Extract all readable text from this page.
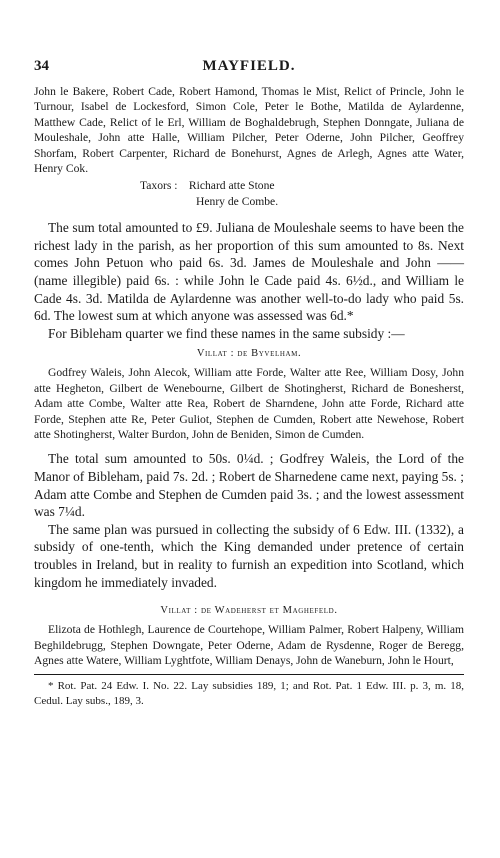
34	MAYFIELD.

John le Bakere, Robert Cade, Robert Hamond, Thomas le Mist, Relict of Princle, John le Turnour, Isabel de Lockesford, Simon Cole, Peter le Bothe, Matilda de Aylardenne, Matthew Cade, Relict of le Erl, William de Boghaldebrugh, Stephen Donngate, Juliana de Mouleshale, John atte Halle, William Pilcher, Peter Oderne, John Pilcher, Geoffrey Shorfam, Robert Carpenter, Richard de Bonehurst, Agnes de Arlegh, Agnes atte Water, Henry Cok.

Taxors : Richard atte Stone
Henry de Combe.

The sum total amounted to £9. Juliana de Mouleshale seems to have been the richest lady in the parish, as her proportion of this sum amounted to 8s. Next comes John Petuon who paid 6s. 3d. James de Mouleshale and John —— (name illegible) paid 6s. : while John le Cade paid 4s. 6½d., and William le Cade 4s. 3d. Matilda de Aylardenne was another well-to-do lady who paid 5s. 6d. The lowest sum at which anyone was assessed was 6d.*

For Bibleham quarter we find these names in the same subsidy :—

Villat : de Byvelham.

Godfrey Waleis, John Alecok, William atte Forde, Walter atte Ree, William Dosy, John atte Hegheton, Gilbert de Wenebourne, Gilbert de Shotingherst, Richard de Bonesherst, Adam atte Combe, Walter atte Rea, Robert de Sharndene, John atte Forde, Richard atte Forde, Stephen atte Re, Peter Guliot, Stephen de Cumden, Robert atte Newehose, Robert atte Shotingherst, Walter Burdon, John de Beniden, Simon de Cumden.

The total sum amounted to 50s. 0¼d. ; Godfrey Waleis, the Lord of the Manor of Bibleham, paid 7s. 2d. ; Robert de Sharnedene came next, paying 5s. ; Adam atte Combe and Stephen de Cumden paid 3s. ; and the lowest assessment was 7¼d.

The same plan was pursued in collecting the subsidy of 6 Edw. III. (1332), a subsidy of one-tenth, which the King demanded under pretence of certain troubles in Ireland, but in reality to furnish an expedition into Scotland, which kingdom he immediately invaded.

Villat : de Wadeherst et Maghefeld.

Elizota de Hothlegh, Laurence de Courtehope, William Palmer, Robert Halpeny, William Beghildebrugg, Stephen Downgate, Peter Oderne, Adam de Rysdenne, Roger de Beregg, Agnes atte Watere, William Lyghtfote, William Denays, John de Waneburn, John le Hourt,

* Rot. Pat. 24 Edw. I. No. 22. Lay subsidies 189, 1; and Rot. Pat. 1 Edw. III. p. 3, m. 18, Cedul. Lay subs., 189, 3.
